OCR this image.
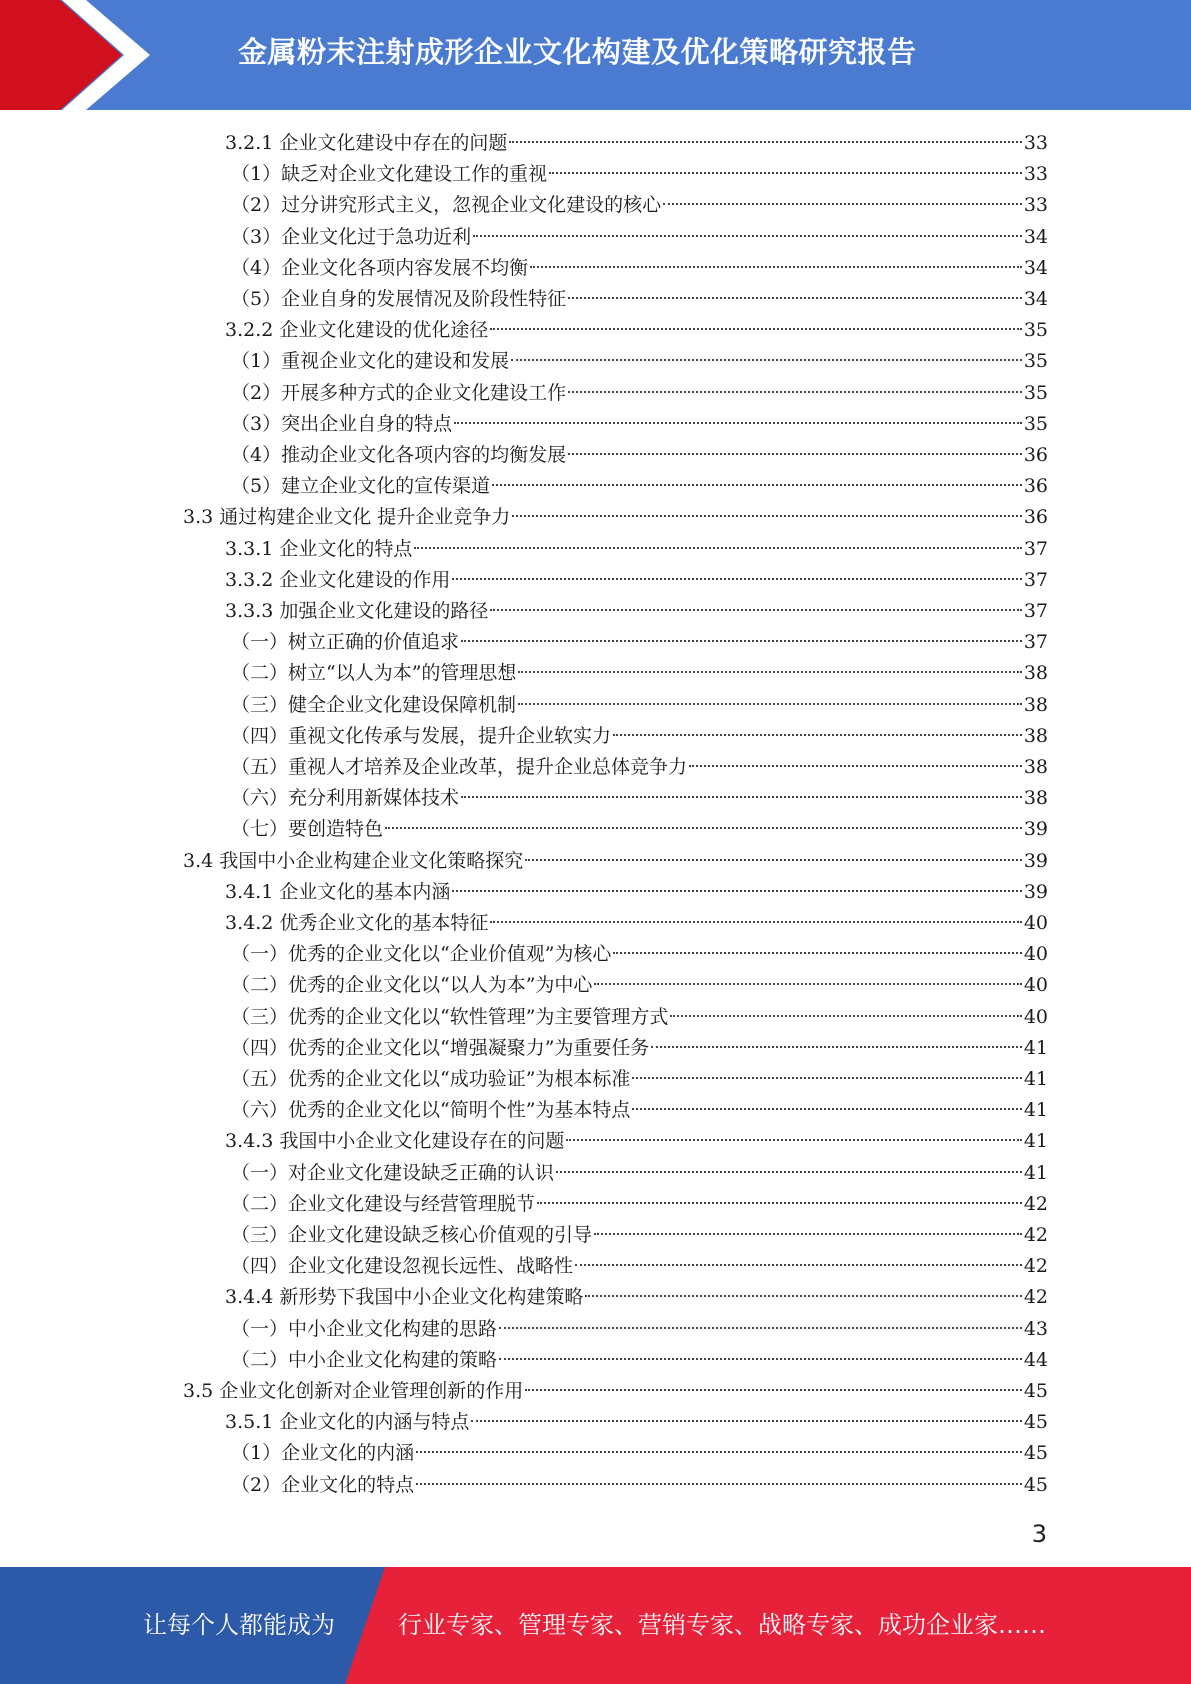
金属粉末注射成形企业文化构建及优化策略研究报告
3.2.1 企业文化建设中存在的问题	33
（1）缺乏对企业文化建设工作的重视	33
（2）过分讲究形式主义，忽视企业文化建设的核心	33
（3）企业文化过于急功近利	34
（4）企业文化各项内容发展不均衡	34
（5）企业自身的发展情况及阶段性特征	34
3.2.2 企业文化建设的优化途径	35
（1）重视企业文化的建设和发展	35
（2）开展多种方式的企业文化建设工作	35
（3）突出企业自身的特点	35
（4）推动企业文化各项内容的均衡发展	36
（5）建立企业文化的宣传渠道	36
3.3 通过构建企业文化 提升企业竞争力	36
3.3.1 企业文化的特点	37
3.3.2 企业文化建设的作用	37
3.3.3 加强企业文化建设的路径	37
（一）树立正确的价值追求	37
（二）树立“以人为本”的管理思想	38
（三）健全企业文化建设保障机制	38
（四）重视文化传承与发展，提升企业软实力	38
（五）重视人才培养及企业改革，提升企业总体竞争力	38
（六）充分利用新媒体技术	38
（七）要创造特色	39
3.4 我国中小企业构建企业文化策略探究	39
3.4.1 企业文化的基本内涵	39
3.4.2 优秀企业文化的基本特征	40
（一）优秀的企业文化以“企业价值观”为核心	40
（二）优秀的企业文化以“以人为本”为中心	40
（三）优秀的企业文化以“软性管理”为主要管理方式	40
（四）优秀的企业文化以“增强凝聚力”为重要任务	41
（五）优秀的企业文化以“成功验证”为根本标准	41
（六）优秀的企业文化以“简明个性”为基本特点	41
3.4.3 我国中小企业文化建设存在的问题	41
（一）对企业文化建设缺乏正确的认识	41
（二）企业文化建设与经营管理脱节	42
（三）企业文化建设缺乏核心价值观的引导	42
（四）企业文化建设忽视长远性、战略性	42
3.4.4 新形势下我国中小企业文化构建策略	42
（一）中小企业文化构建的思路	43
（二）中小企业文化构建的策略	44
3.5 企业文化创新对企业管理创新的作用	45
3.5.1 企业文化的内涵与特点	45
（1）企业文化的内涵	45
（2）企业文化的特点	45
3
让每个人都能成为	行业专家、管理专家、营销专家、战略专家、成功企业家……
